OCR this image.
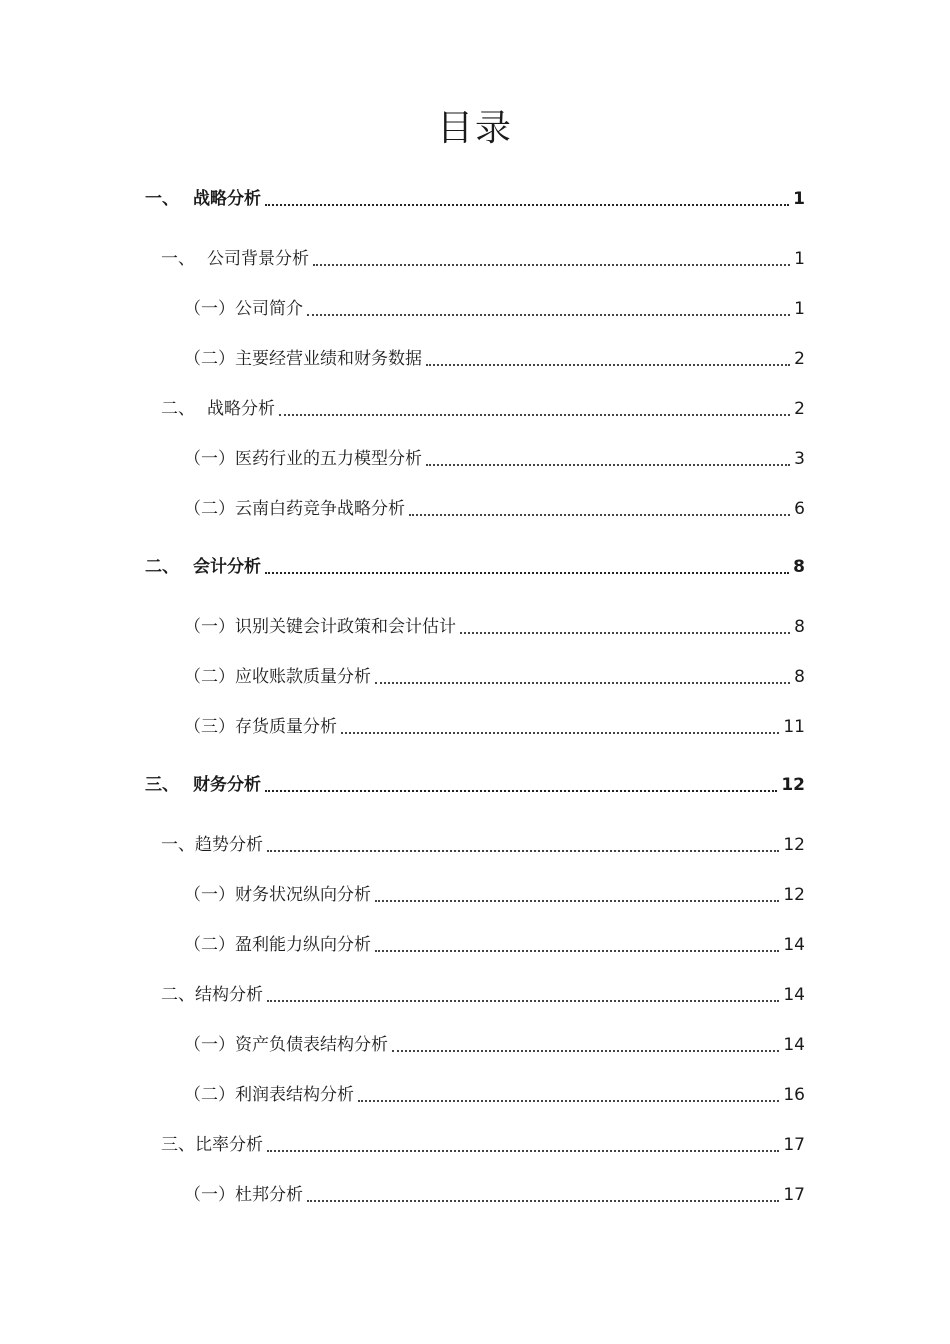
目录
一、 战略分析	1
一、 公司背景分析	1
（一） 公司简介	1
（二） 主要经营业绩和财务数据	2
二、 战略分析	2
（一） 医药行业的五力模型分析	3
（二） 云南白药竞争战略分析	6
二、 会计分析	8
（一） 识别关键会计政策和会计估计	8
（二） 应收账款质量分析	8
（三） 存货质量分析	11
三、 财务分析	12
一、 趋势分析	12
（一） 财务状况纵向分析	12
（二） 盈利能力纵向分析	14
二、 结构分析	14
（一） 资产负债表结构分析	14
（二） 利润表结构分析	16
三、 比率分析	17
（一） 杜邦分析	17
